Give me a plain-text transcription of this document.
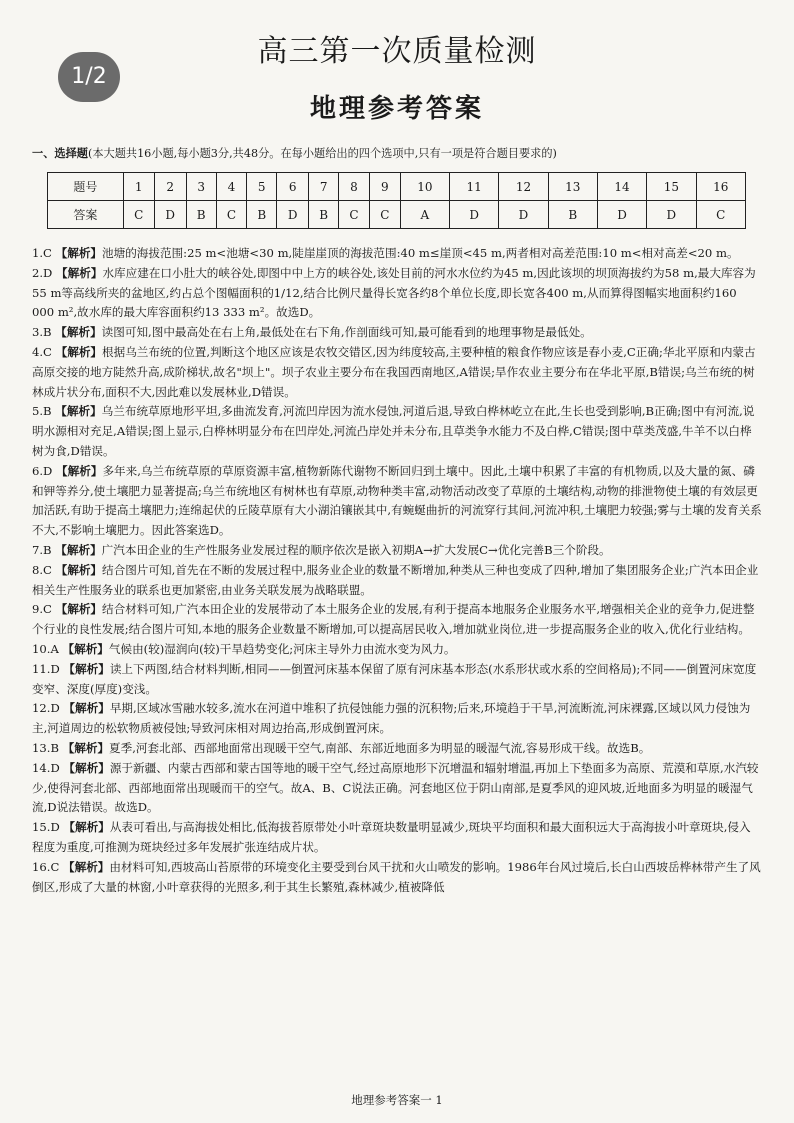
1/2
高三第一次质量检测
地理参考答案
一、选择题(本大题共16小题,每小题3分,共48分。在每小题给出的四个选项中,只有一项是符合题目要求的)
题号	1	2	3	4	5	6	7	8	9	10	11	12	13	14	15	16
答案	C	D	B	C	B	D	B	C	C	A	D	D	B	D	D	C

1.C 【解析】池塘的海拔范围:25 m<池塘<30 m,陡崖崖顶的海拔范围:40 m≤崖顶<45 m,两者相对高差范围:10 m<相对高差<20 m。

2.D 【解析】水库应建在口小肚大的峡谷处,即图中中上方的峡谷处,该处目前的河水水位约为45 m,因此该坝的坝顶海拔约为58 m,最大库容为55 m等高线所夹的盆地区,约占总个图幅面积的1/12,结合比例尺量得长宽各约8个单位长度,即长宽各400 m,从而算得图幅实地面积约160 000 m²,故水库的最大库容面积约13 333 m²。故选D。

3.B 【解析】读图可知,图中最高处在右上角,最低处在右下角,作剖面线可知,最可能看到的地理事物是最低处。

4.C 【解析】根据乌兰布统的位置,判断这个地区应该是农牧交错区,因为纬度较高,主要种植的粮食作物应该是春小麦,C正确;华北平原和内蒙古高原交接的地方陡然升高,成阶梯状,故名"坝上"。坝子农业主要分布在我国西南地区,A错误;旱作农业主要分布在华北平原,B错误;乌兰布统的树林成片状分布,面积不大,因此难以发展林业,D错误。

5.B 【解析】乌兰布统草原地形平坦,多曲流发育,河流凹岸因为流水侵蚀,河道后退,导致白桦林屹立在此,生长也受到影响,B正确;图中有河流,说明水源相对充足,A错误;图上显示,白桦林明显分布在凹岸处,河流凸岸处并未分布,且草类争水能力不及白桦,C错误;图中草类茂盛,牛羊不以白桦树为食,D错误。

6.D 【解析】多年来,乌兰布统草原的草原资源丰富,植物新陈代谢物不断回归到土壤中。因此,土壤中积累了丰富的有机物质,以及大量的氮、磷和钾等养分,使土壤肥力显著提高;乌兰布统地区有树林也有草原,动物种类丰富,动物活动改变了草原的土壤结构,动物的排泄物使土壤的有效层更加活跃,有助于提高土壤肥力;连绵起伏的丘陵草原有大小湖泊镶嵌其中,有蜿蜒曲折的河流穿行其间,河流冲积,土壤肥力较强;雾与土壤的发育关系不大,不影响土壤肥力。因此答案选D。

7.B 【解析】广汽本田企业的生产性服务业发展过程的顺序依次是嵌入初期A→扩大发展C→优化完善B三个阶段。

8.C 【解析】结合图片可知,首先在不断的发展过程中,服务业企业的数量不断增加,种类从三种也变成了四种,增加了集团服务企业;广汽本田企业相关生产性服务业的联系也更加紧密,由业务关联发展为战略联盟。

9.C 【解析】结合材料可知,广汽本田企业的发展带动了本土服务企业的发展,有利于提高本地服务企业服务水平,增强相关企业的竞争力,促进整个行业的良性发展;结合图片可知,本地的服务企业数量不断增加,可以提高居民收入,增加就业岗位,进一步提高服务企业的收入,优化行业结构。

10.A 【解析】气候由(较)湿润向(较)干旱趋势变化;河床主导外力由流水变为风力。

11.D 【解析】读上下两图,结合材料判断,相同——倒置河床基本保留了原有河床基本形态(水系形状或水系的空间格局);不同——倒置河床宽度变窄、深度(厚度)变浅。

12.D 【解析】早期,区域冰雪融水较多,流水在河道中堆积了抗侵蚀能力强的沉积物;后来,环境趋于干旱,河流断流,河床裸露,区域以风力侵蚀为主,河道周边的松软物质被侵蚀;导致河床相对周边抬高,形成倒置河床。

13.B 【解析】夏季,河套北部、西部地面常出现暖干空气,南部、东部近地面多为明显的暖湿气流,容易形成干线。故选B。

14.D 【解析】源于新疆、内蒙古西部和蒙古国等地的暖干空气,经过高原地形下沉增温和辐射增温,再加上下垫面多为高原、荒漠和草原,水汽较少,使得河套北部、西部地面常出现暖而干的空气。故A、B、C说法正确。河套地区位于阴山南部,是夏季风的迎风坡,近地面多为明显的暖湿气流,D说法错误。故选D。

15.D 【解析】从表可看出,与高海拔处相比,低海拔苔原带处小叶章斑块数量明显减少,斑块平均面积和最大面积远大于高海拔小叶章斑块,侵入程度为重度,可推测为斑块经过多年发展扩张连结成片状。

16.C 【解析】由材料可知,西坡高山苔原带的环境变化主要受到台风干扰和火山喷发的影响。1986年台风过境后,长白山西坡岳桦林带产生了风倒区,形成了大量的林窗,小叶章获得的光照多,利于其生长繁殖,森林减少,植被降低

地理参考答案一 1
